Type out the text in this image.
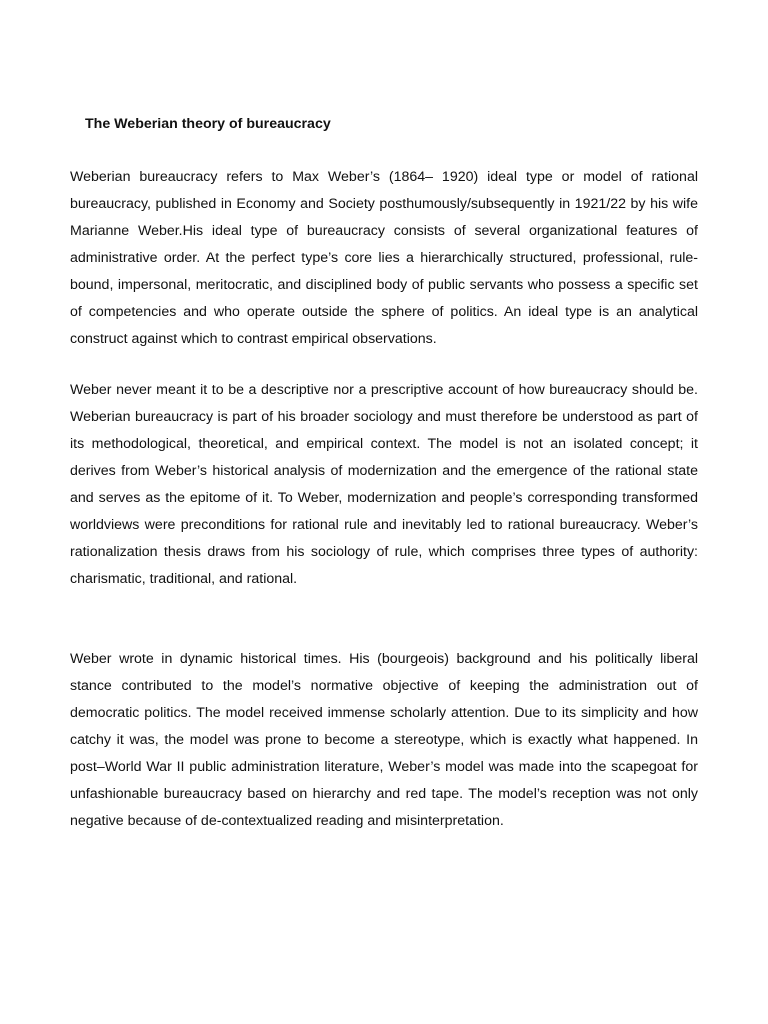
The Weberian theory of bureaucracy

Weberian bureaucracy refers to Max Weber’s (1864– 1920) ideal type or model of rational bureaucracy, published in Economy and Society posthumously/subsequently in 1921/22 by his wife Marianne Weber.His ideal type of bureaucracy consists of several organizational features of administrative order. At the perfect type’s core lies a hierarchically structured, professional, rule-bound, impersonal, meritocratic, and disciplined body of public servants who possess a specific set of competencies and who operate outside the sphere of politics. An ideal type is an analytical construct against which to contrast empirical observations.

Weber never meant it to be a descriptive nor a prescriptive account of how bureaucracy should be. Weberian bureaucracy is part of his broader sociology and must therefore be understood as part of its methodological, theoretical, and empirical context. The model is not an isolated concept; it derives from Weber’s historical analysis of modernization and the emergence of the rational state and serves as the epitome of it. To Weber, modernization and people’s corresponding transformed worldviews were preconditions for rational rule and inevitably led to rational bureaucracy. Weber’s rationalization thesis draws from his sociology of rule, which comprises three types of authority: charismatic, traditional, and rational.

Weber wrote in dynamic historical times. His (bourgeois) background and his politically liberal stance contributed to the model’s normative objective of keeping the administration out of democratic politics. The model received immense scholarly attention. Due to its simplicity and how catchy it was, the model was prone to become a stereotype, which is exactly what happened. In post–World War II public administration literature, Weber’s model was made into the scapegoat for unfashionable bureaucracy based on hierarchy and red tape. The model’s reception was not only negative because of de-contextualized reading and misinterpretation.
